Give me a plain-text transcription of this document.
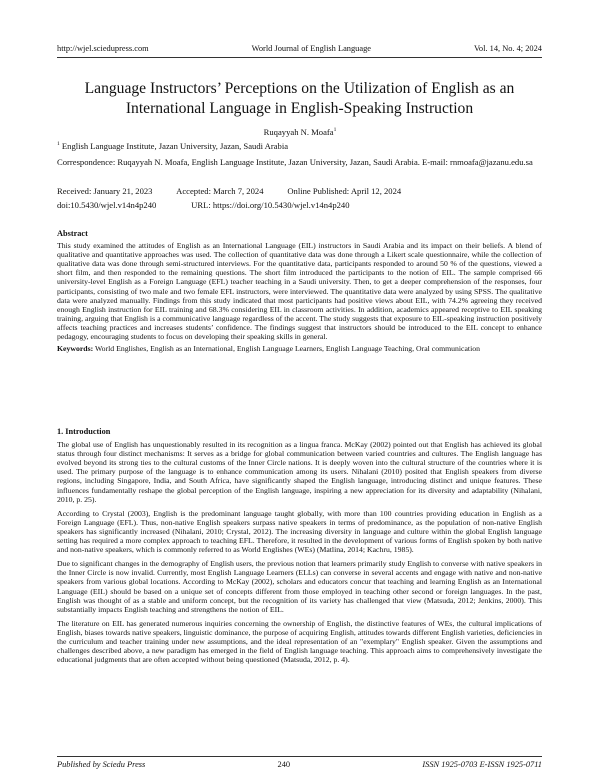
http://wjel.sciedupress.com	World Journal of English Language	Vol. 14, No. 4; 2024
Language Instructors’ Perceptions on the Utilization of English as an
International Language in English-Speaking Instruction
Ruqayyah N. Moafa$^1$
$^1$ English Language Institute, Jazan University, Jazan, Saudi Arabia
Correspondence: Ruqayyah N. Moafa, English Language Institute, Jazan University, Jazan, Saudi Arabia. E-mail: rnmoafa@jazanu.edu.sa
Received: January 21, 2023	Accepted: March 7, 2024	Online Published: April 12, 2024
doi:10.5430/wjel.v14n4p240	URL: https://doi.org/10.5430/wjel.v14n4p240

Abstract

This study examined the attitudes of English as an International Language (EIL) instructors in Saudi Arabia and its impact on their beliefs. A blend of qualitative and quantitative approaches was used. The collection of quantitative data was done through a Likert scale questionnaire, while the collection of qualitative data was done through semi-structured interviews. For the quantitative data, participants responded to around 50 % of the questions, viewed a short film, and then responded to the remaining questions. The short film introduced the participants to the notion of EIL. The sample comprised 66 university-level English as a Foreign Language (EFL) teacher teaching in a Saudi university. Then, to get a deeper comprehension of the responses, four participants, consisting of two male and two female EFL instructors, were interviewed. The quantitative data were analyzed by using SPSS. The qualitative data were analyzed manually. Findings from this study indicated that most participants had positive views about EIL, with 74.2% agreeing they received enough English instruction for EIL training and 68.3% considering EIL in classroom activities. In addition, academics appeared receptive to EIL speaking training, arguing that English is a communicative language regardless of the accent. The study suggests that exposure to EIL-speaking instruction positively affects teaching practices and increases students’ confidence. The findings suggest that instructors should be introduced to the EIL concept to enhance pedagogy, encouraging students to focus on developing their speaking skills in general.

Keywords: World Englishes, English as an International, English Language Learners, English Language Teaching, Oral communication

1. Introduction

The global use of English has unquestionably resulted in its recognition as a lingua franca. McKay (2002) pointed out that English has achieved its global status through four distinct mechanisms: It serves as a bridge for global communication between varied countries and cultures. The English language has evolved beyond its strong ties to the cultural customs of the Inner Circle nations. It is deeply woven into the cultural structure of the countries where it is used. The primary purpose of the language is to enhance communication among its users. Nihalani (2010) posited that English speakers from diverse regions, including Singapore, India, and South Africa, have significantly shaped the English language, introducing distinct and unique features. These influences fundamentally reshape the global perception of the English language, inspiring a new appreciation for its diversity and adaptability (Nihalani, 2010, p. 25).

According to Crystal (2003), English is the predominant language taught globally, with more than 100 countries providing education in English as a Foreign Language (EFL). Thus, non-native English speakers surpass native speakers in terms of predominance, as the population of non-native English speakers has significantly increased (Nihalani, 2010; Crystal, 2012). The increasing diversity in language and culture within the global English language setting has required a more complex approach to teaching EFL. Therefore, it resulted in the development of various forms of English spoken by both native and non-native speakers, which is commonly referred to as World Englishes (WEs) (Matlina, 2014; Kachru, 1985).

Due to significant changes in the demography of English users, the previous notion that learners primarily study English to converse with native speakers in the Inner Circle is now invalid. Currently, most English Language Learners (ELLs) can converse in several accents and engage with native and non-native speakers from various global locations. According to McKay (2002), scholars and educators concur that teaching and learning English as an International Language (EIL) should be based on a unique set of concepts different from those employed in teaching other second or foreign languages. In the past, English was thought of as a stable and uniform concept, but the recognition of its variety has challenged that view (Matsuda, 2012; Jenkins, 2000). This substantially impacts English teaching and strengthens the notion of EIL.

The literature on EIL has generated numerous inquiries concerning the ownership of English, the distinctive features of WEs, the cultural implications of English, biases towards native speakers, linguistic dominance, the purpose of acquiring English, attitudes towards different English varieties, deficiencies in the curriculum and teacher training under new assumptions, and the ideal representation of an "exemplary" English speaker. Given the assumptions and challenges described above, a new paradigm has emerged in the field of English language teaching. This approach aims to comprehensively investigate the educational judgments that are often accepted without being questioned (Matsuda, 2012, p. 4).

Published by Sciedu Press	240	ISSN 1925-0703 E-ISSN 1925-0711
